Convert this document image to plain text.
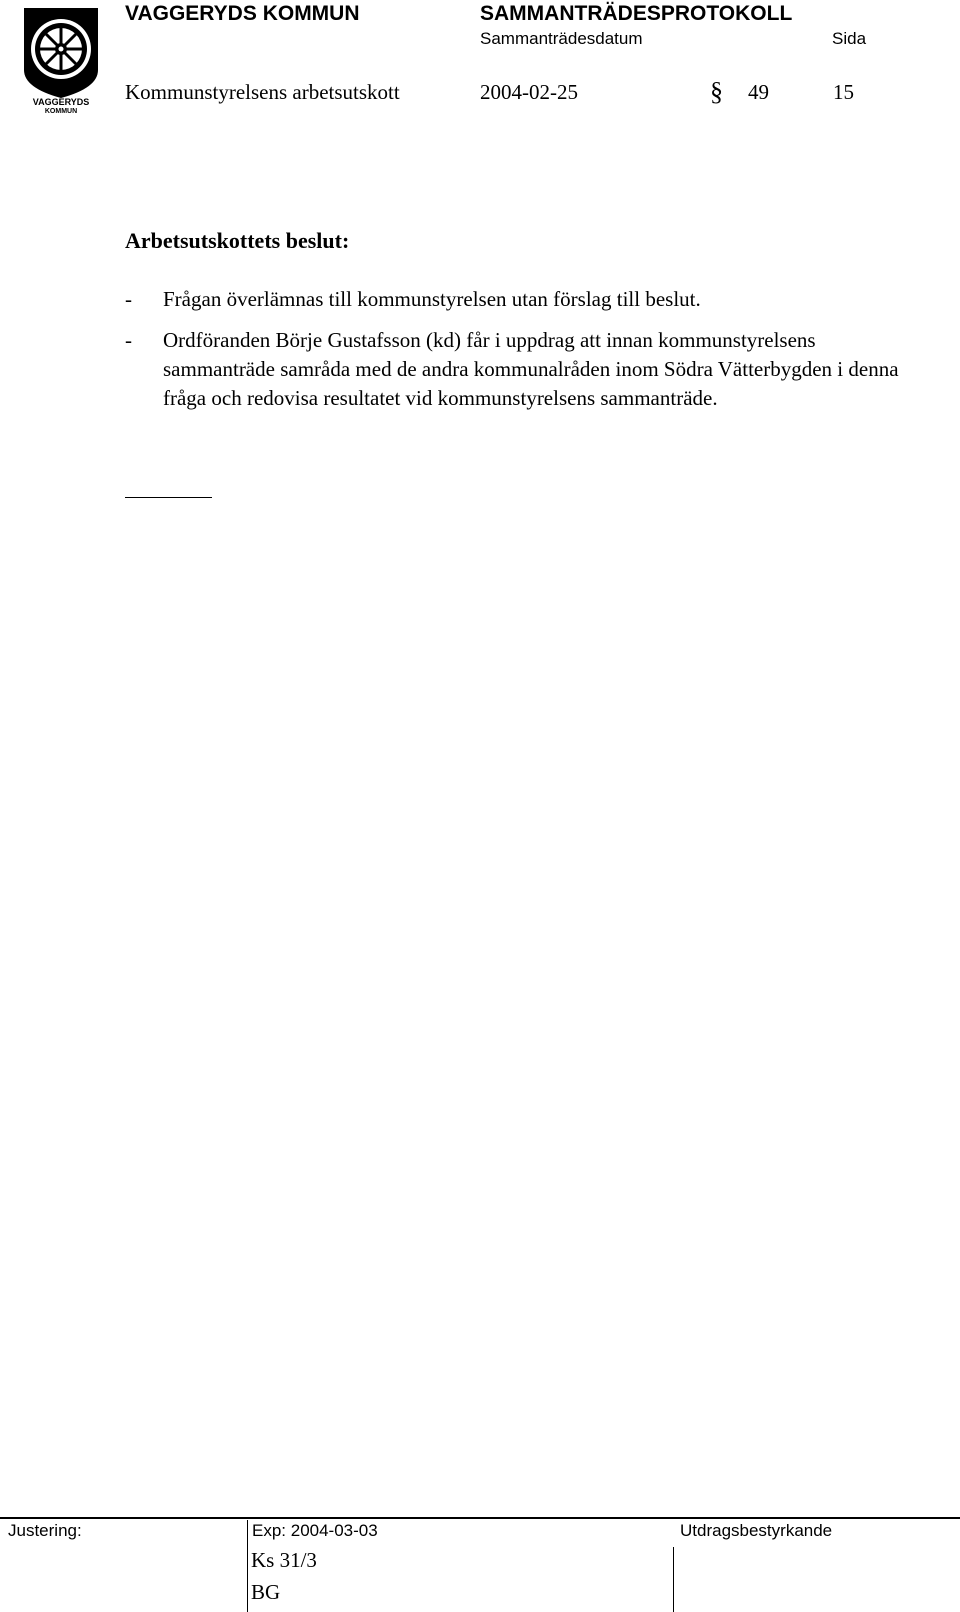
VAGGERYDS
KOMMUN
VAGGERYDS KOMMUN	SAMMANTRÄDESPROTOKOLL
Sammanträdesdatum	Sida
Kommunstyrelsens arbetsutskott	2004-02-25	§ 49	15
Arbetsutskottets beslut:
- Frågan överlämnas till kommunstyrelsen utan förslag till beslut.
- Ordföranden Börje Gustafsson (kd) får i uppdrag att innan kommunstyrelsens sammanträde samråda med de andra kommunalråden inom Södra Vätterbygden i denna fråga och redovisa resultatet vid kommunstyrelsens sammanträde.
Justering:	Exp: 2004-03-03	Utdragsbestyrkande
Ks 31/3
BG
